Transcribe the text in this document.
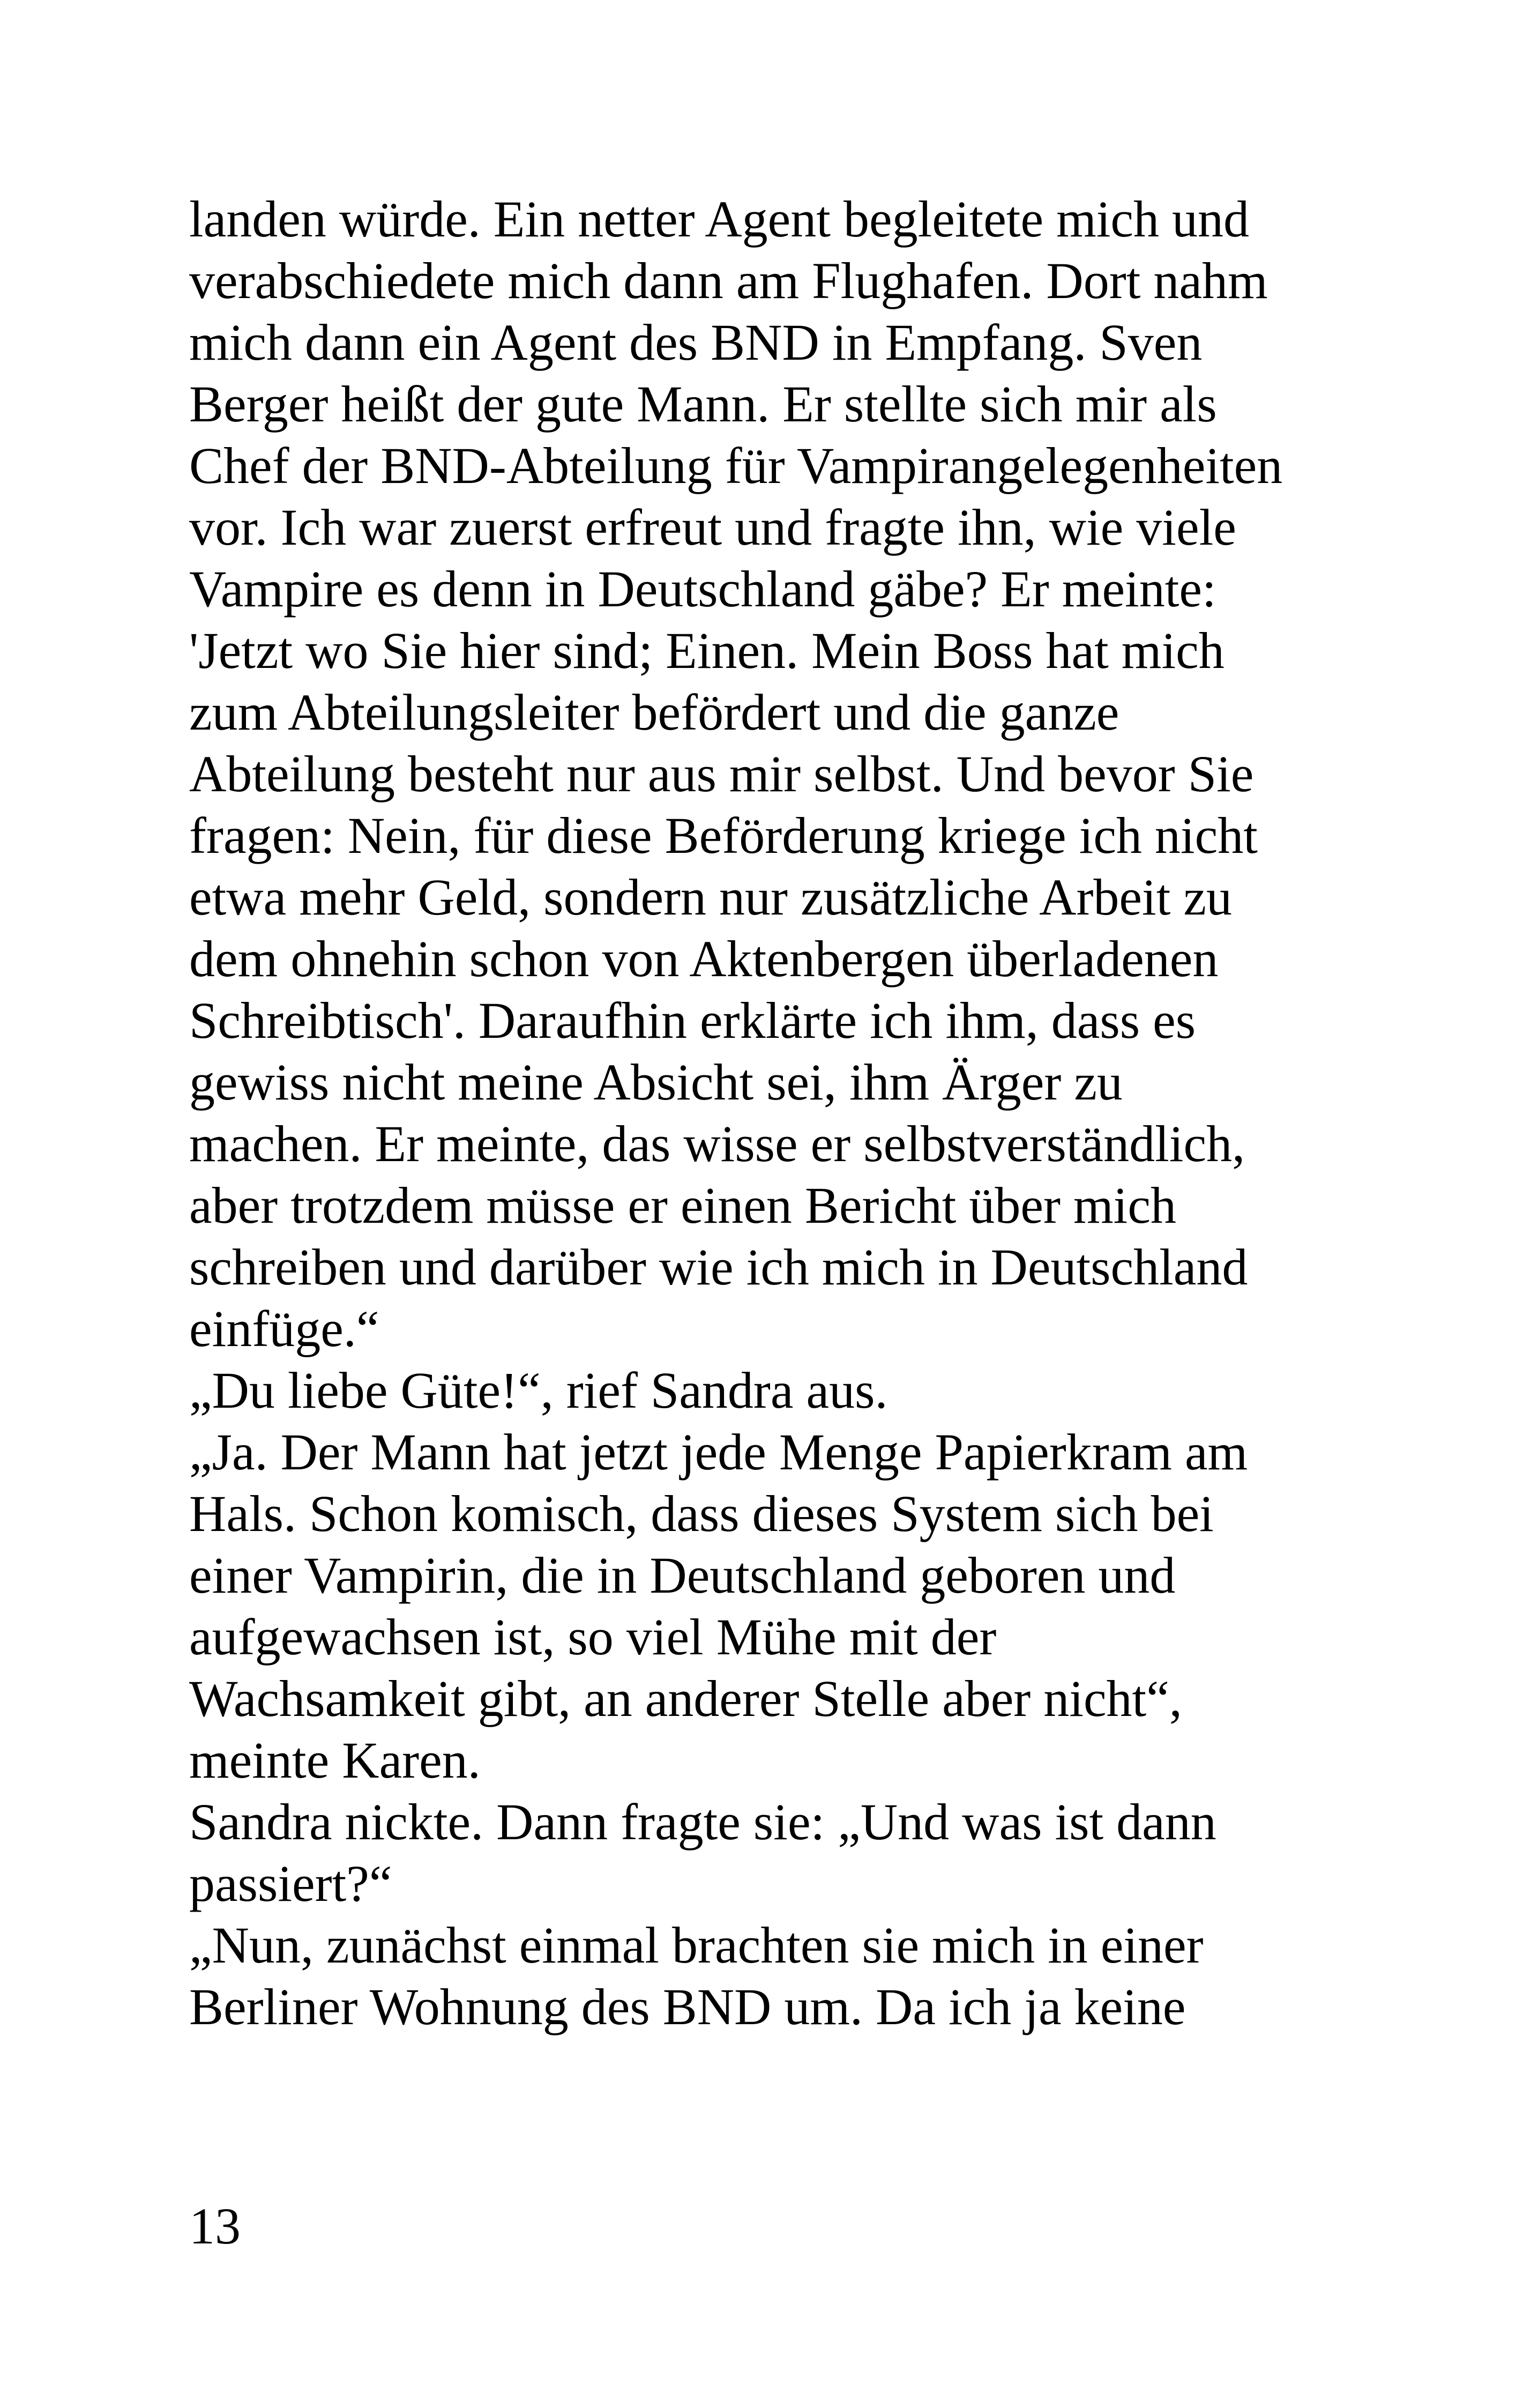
landen würde. Ein netter Agent begleitete mich und
verabschiedete mich dann am Flughafen. Dort nahm
mich dann ein Agent des BND in Empfang. Sven
Berger heißt der gute Mann. Er stellte sich mir als
Chef der BND-Abteilung für Vampirangelegenheiten
vor. Ich war zuerst erfreut und fragte ihn, wie viele
Vampire es denn in Deutschland gäbe? Er meinte:
'Jetzt wo Sie hier sind; Einen. Mein Boss hat mich
zum Abteilungsleiter befördert und die ganze
Abteilung besteht nur aus mir selbst. Und bevor Sie
fragen: Nein, für diese Beförderung kriege ich nicht
etwa mehr Geld, sondern nur zusätzliche Arbeit zu
dem ohnehin schon von Aktenbergen überladenen
Schreibtisch'. Daraufhin erklärte ich ihm, dass es
gewiss nicht meine Absicht sei, ihm Ärger zu
machen. Er meinte, das wisse er selbstverständlich,
aber trotzdem müsse er einen Bericht über mich
schreiben und darüber wie ich mich in Deutschland
einfüge.“
„Du liebe Güte!“, rief Sandra aus.
„Ja. Der Mann hat jetzt jede Menge Papierkram am
Hals. Schon komisch, dass dieses System sich bei
einer Vampirin, die in Deutschland geboren und
aufgewachsen ist, so viel Mühe mit der
Wachsamkeit gibt, an anderer Stelle aber nicht“,
meinte Karen.
Sandra nickte. Dann fragte sie: „Und was ist dann
passiert?“
„Nun, zunächst einmal brachten sie mich in einer
Berliner Wohnung des BND um. Da ich ja keine
13
